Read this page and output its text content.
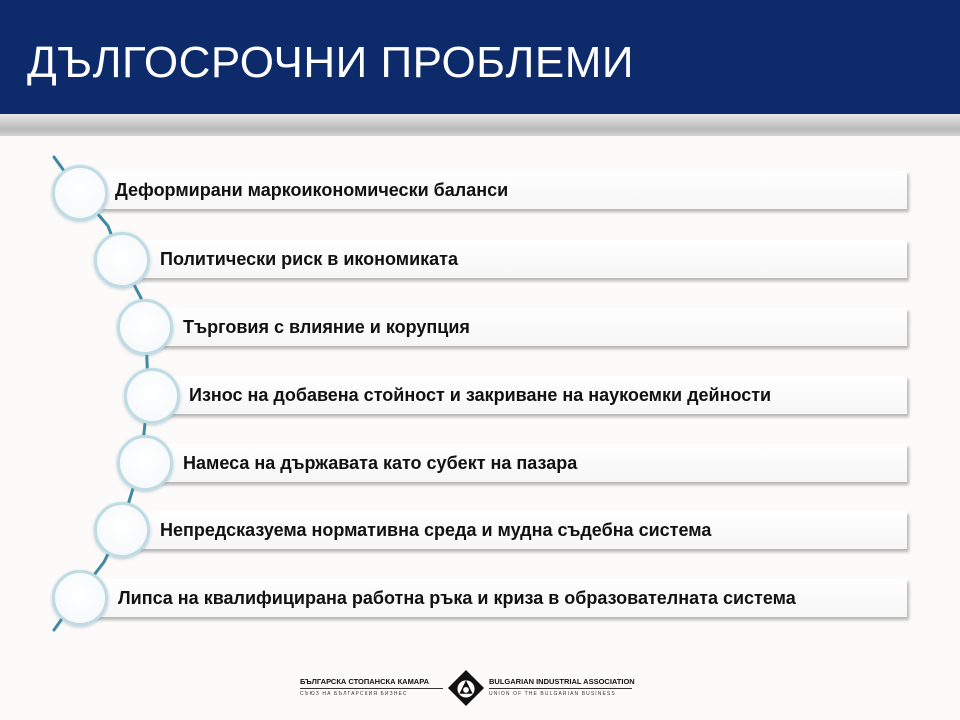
ДЪЛГОСРОЧНИ ПРОБЛЕМИ
Деформирани маркоикономически баланси
Политически риск в икономиката
Търговия с влияние и корупция
Износ на добавена стойност и закриване на наукоемки дейности
Намеса на държавата като субект на пазара
Непредсказуема нормативна среда и мудна съдебна система
Липса на квалифицирана работна ръка и криза в образователната система
БЪЛГАРСКА СТОПАНСКА КАМАРА
СЪЮЗ НА БЪЛГАРСКИЯ БИЗНЕС
BULGARIAN INDUSTRIAL ASSOCIATION
UNION OF THE BULGARIAN BUSINESS
